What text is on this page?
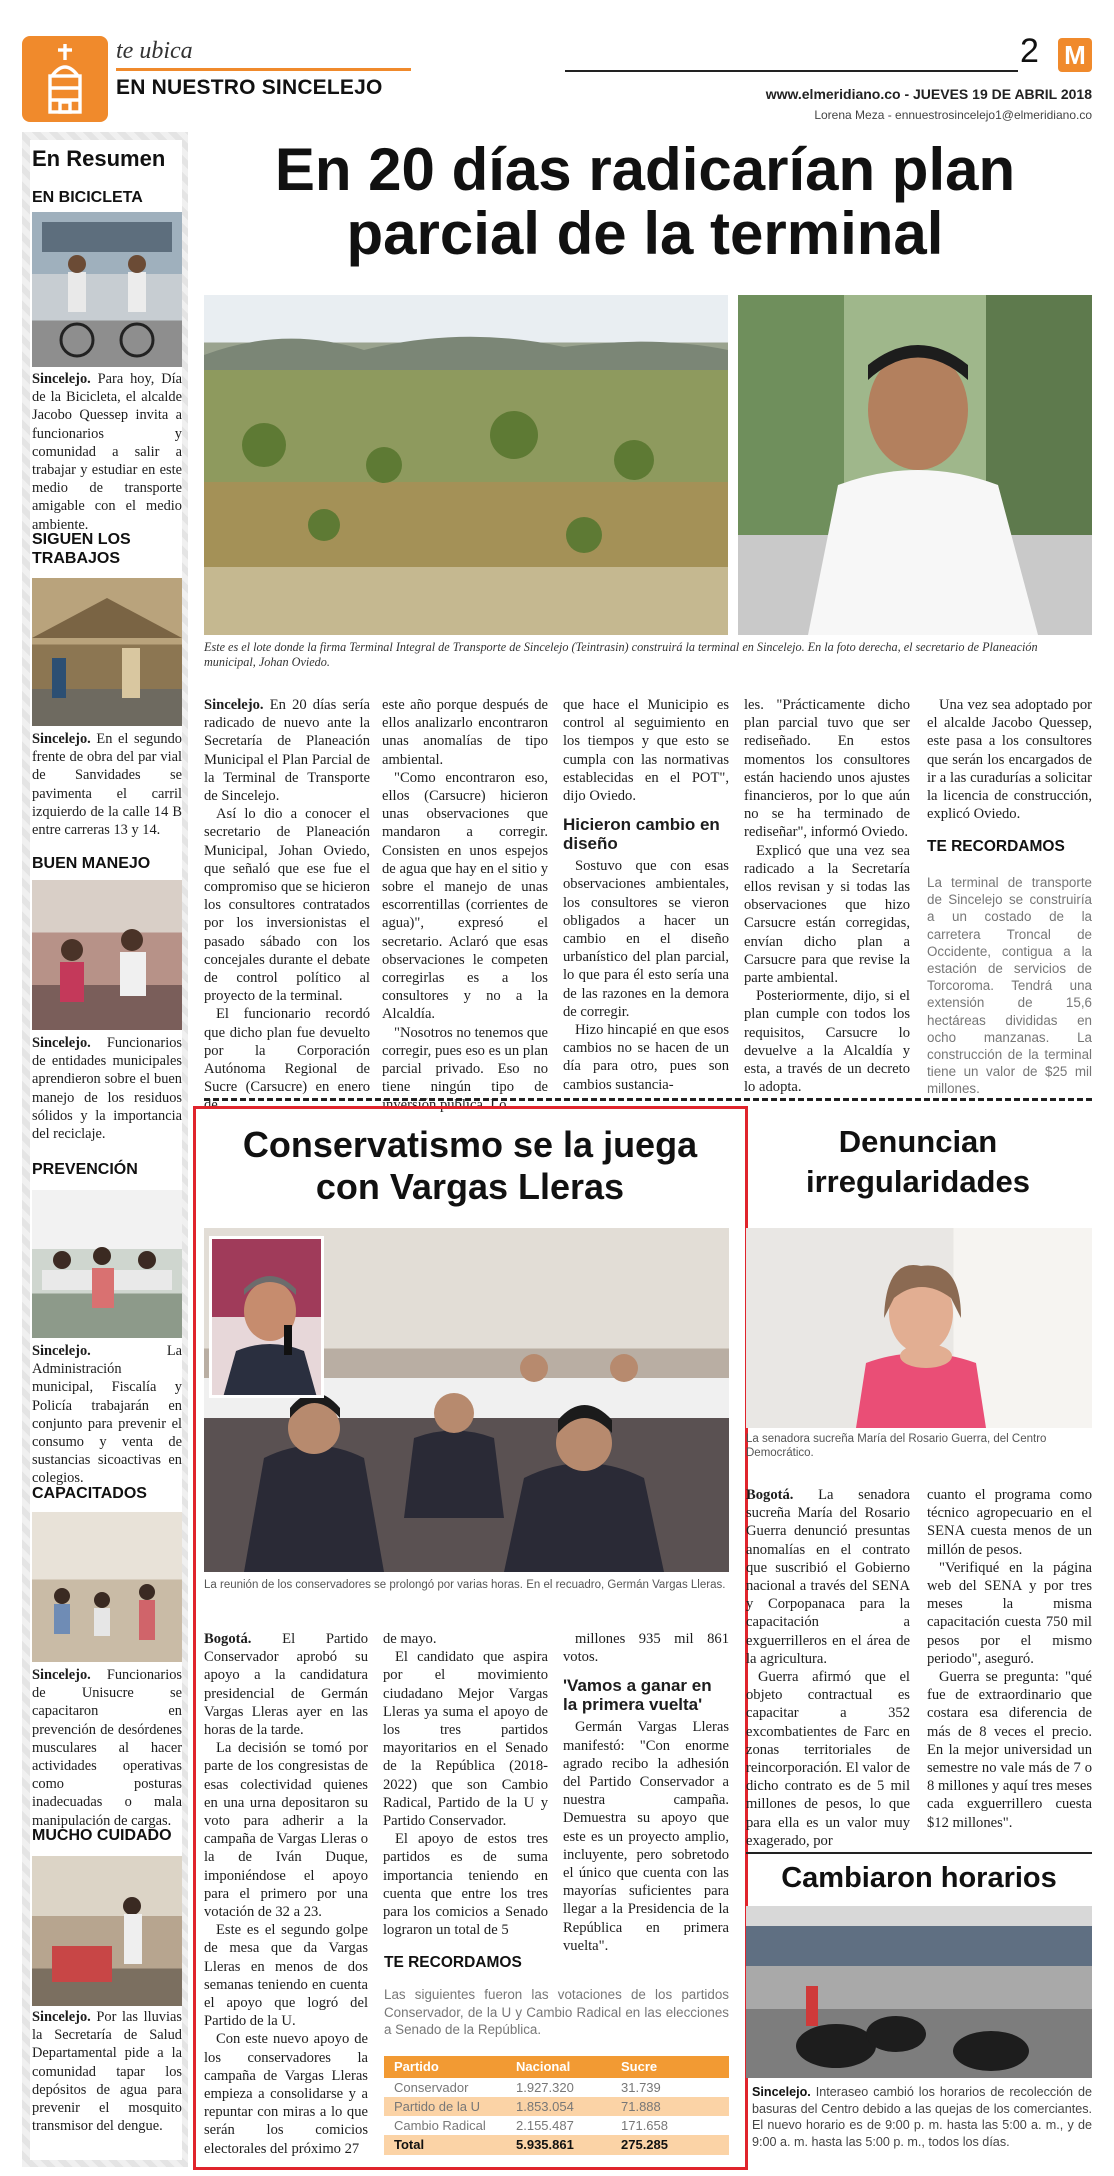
te ubica
EN NUESTRO SINCELEJO
2 M
www.elmeridiano.co - JUEVES 19 DE ABRIL 2018
Lorena Meza - ennuestrosincelejo1@elmeridiano.co
En Resumen
EN BICICLETA
Sincelejo. Para hoy, Día de la Bicicleta, el alcalde Jacobo Quessep invita a funcionarios y comunidad a salir a trabajar y estudiar en este medio de transporte amigable con el medio ambiente.
SIGUEN LOS TRABAJOS
Sincelejo. En el segundo frente de obra del par vial de Sanvidades se pavimenta el carril izquierdo de la calle 14 B entre carreras 13 y 14.
BUEN MANEJO
Sincelejo. Funcionarios de entidades municipales aprendieron sobre el buen manejo de los residuos sólidos y la importancia del reciclaje.
PREVENCIÓN
Sincelejo.	La Administración municipal, Fiscalía y Policía trabajarán en conjunto para prevenir el consumo y venta de sustancias sicoactivas en colegios.
CAPACITADOS
Sincelejo. Funcionarios de Unisucre se capacitaron en prevención de desórdenes musculares al hacer actividades operativas como posturas inadecuadas o mala manipulación de cargas.
MUCHO CUIDADO
Sincelejo. Por las lluvias la Secretaría de Salud Departamental pide a la comunidad tapar los depósitos de agua para prevenir el mosquito transmisor del dengue.
En 20 días radicarían plan parcial de la terminal
Este es el lote donde la firma Terminal Integral de Transporte de Sincelejo (Teintrasin) construirá la terminal en Sincelejo. En la foto derecha, el secretario de Planeación municipal, Johan Oviedo.

Sincelejo. En 20 días sería radicado de nuevo ante la Secretaría de Planeación Municipal el Plan Parcial de la Terminal de Transporte de Sincelejo.

Así lo dio a conocer el secretario de Planeación Municipal, Johan Oviedo, que señaló que ese fue el compromiso que se hicieron los consultores contratados por los inversionistas el pasado sábado con los concejales durante el debate de control político al proyecto de la terminal.

El funcionario recordó que dicho plan fue devuelto por la Corporación Autónoma Regional de Sucre (Carsucre) en enero de

este año porque después de ellos analizarlo encontraron unas anomalías de tipo ambiental.

"Como encontraron eso, ellos (Carsucre) hicieron unas observaciones que mandaron a corregir. Consisten en unos espejos de agua que hay en el sitio y sobre el manejo de unas escorrentillas (corrientes de agua)", expresó el secretario. Aclaró que esas observaciones le competen corregirlas es a los consultores y no a la Alcaldía.

"Nosotros no tenemos que corregir, pues eso es un plan parcial privado. Eso no tiene ningún tipo de inversión pública. Lo

que hace el Municipio es control al seguimiento en los tiempos y que esto se cumpla con las normativas establecidas en el POT", dijo Oviedo.

Hicieron cambio en diseño

Sostuvo que con esas observaciones ambientales, los consultores se vieron obligados a hacer un cambio en el diseño urbanístico del plan parcial, lo que para él esto sería una de las razones en la demora de corregir.

Hizo hincapié en que esos cambios no se hacen de un día para otro, pues son cambios sustancia-

les. "Prácticamente dicho plan parcial tuvo que ser rediseñado. En estos momentos los consultores están haciendo unos ajustes financieros, por lo que aún no se ha terminado de rediseñar", informó Oviedo.

Explicó que una vez sea radicado a la Secretaría ellos revisan y si todas las observaciones que hizo Carsucre están corregidas, envían dicho plan a Carsucre para que revise la parte ambiental.

Posteriormente, dijo, si el plan cumple con todos los requisitos, Carsucre lo devuelve a la Alcaldía y esta, a través de un decreto lo adopta.

Una vez sea adoptado por el alcalde Jacobo Quessep, este pasa a los consultores que serán los encargados de ir a las curadurías a solicitar la licencia de construcción, explicó Oviedo.

TE RECORDAMOS
La terminal de transporte de Sincelejo se construiría a un costado de la carretera Troncal de Occidente, contigua a la estación de servicios de Torcoroma. Tendrá una extensión de 15,6 hectáreas divididas en ocho manzanas. La construcción de la terminal tiene un valor de $25 mil millones.
Conservatismo se la juega con Vargas Lleras
La reunión de los conservadores se prolongó por varias horas. En el recuadro, Germán Vargas Lleras.

Bogotá. El Partido Conservador aprobó su apoyo a la candidatura presidencial de Germán Vargas Lleras ayer en las horas de la tarde.

La decisión se tomó por parte de los congresistas de esas colectividad quienes en una urna depositaron su voto para adherir a la campaña de Vargas Lleras o la de Iván Duque, imponiéndose el apoyo para el primero por una votación de 32 a 23.

Este es el segundo golpe de mesa que da Vargas Lleras en menos de dos semanas teniendo en cuenta el apoyo que logró del Partido de la U.

Con este nuevo apoyo de los conservadores la campaña de Vargas Lleras empieza a consolidarse y a repuntar con miras a lo que serán los comicios electorales del próximo 27

de mayo.

El candidato que aspira por el movimiento ciudadano Mejor Vargas Lleras ya suma el apoyo de los tres partidos mayoritarios en el Senado de la República (2018-2022) que son Cambio Radical, Partido de la U y Partido Conservador.

El apoyo de estos tres partidos es de suma importancia teniendo en cuenta que entre los tres para los comicios a Senado lograron un total de 5

millones 935 mil 861 votos.

'Vamos a ganar en la primera vuelta'

Germán Vargas Lleras manifestó: "Con enorme agrado recibo la adhesión del Partido Conservador a nuestra campaña. Demuestra su apoyo que este es un proyecto amplio, incluyente, pero sobretodo el único que cuenta con las mayorías suficientes para llegar a la Presidencia de la República en primera vuelta".

TE RECORDAMOS
Las siguientes fueron las votaciones de los partidos Conservador, de la U y Cambio Radical en las elecciones a Senado de la República.
Partido	Nacional	Sucre
Conservador	1.927.320	31.739
Partido de la U	1.853.054	71.888
Cambio Radical	2.155.487	171.658
Total	5.935.861	275.285
Denuncian irregularidades
La senadora sucreña María del Rosario Guerra, del Centro Democrático.

Bogotá. La senadora sucreña María del Rosario Guerra denunció presuntas anomalías en el contrato que suscribió el Gobierno nacional a través del SENA y Corpopanaca para la capacitación a exguerrilleros en el área de la agricultura.

Guerra afirmó que el objeto contractual es capacitar a 352 excombatientes de Farc en zonas territoriales de reincorporación. El valor de dicho contrato es de 5 mil millones de pesos, lo que para ella es un valor muy exagerado, por

cuanto el programa como técnico agropecuario en el SENA cuesta menos de un millón de pesos.

"Verifiqué en la página web del SENA y por tres meses la misma capacitación cuesta 750 mil pesos por el mismo periodo", aseguró.

Guerra se pregunta: "qué fue de extraordinario que costara esa diferencia de más de 8 veces el precio. En la mejor universidad un semestre no vale más de 7 o 8 millones y aquí tres meses cada exguerrillero cuesta $12 millones".

Cambiaron horarios
Sincelejo. Interaseo cambió los horarios de recolección de basuras del Centro debido a las quejas de los comerciantes. El nuevo horario es de 9:00 p. m. hasta las 5:00 a. m., y de 9:00 a. m. hasta las 5:00 p. m., todos los días.
